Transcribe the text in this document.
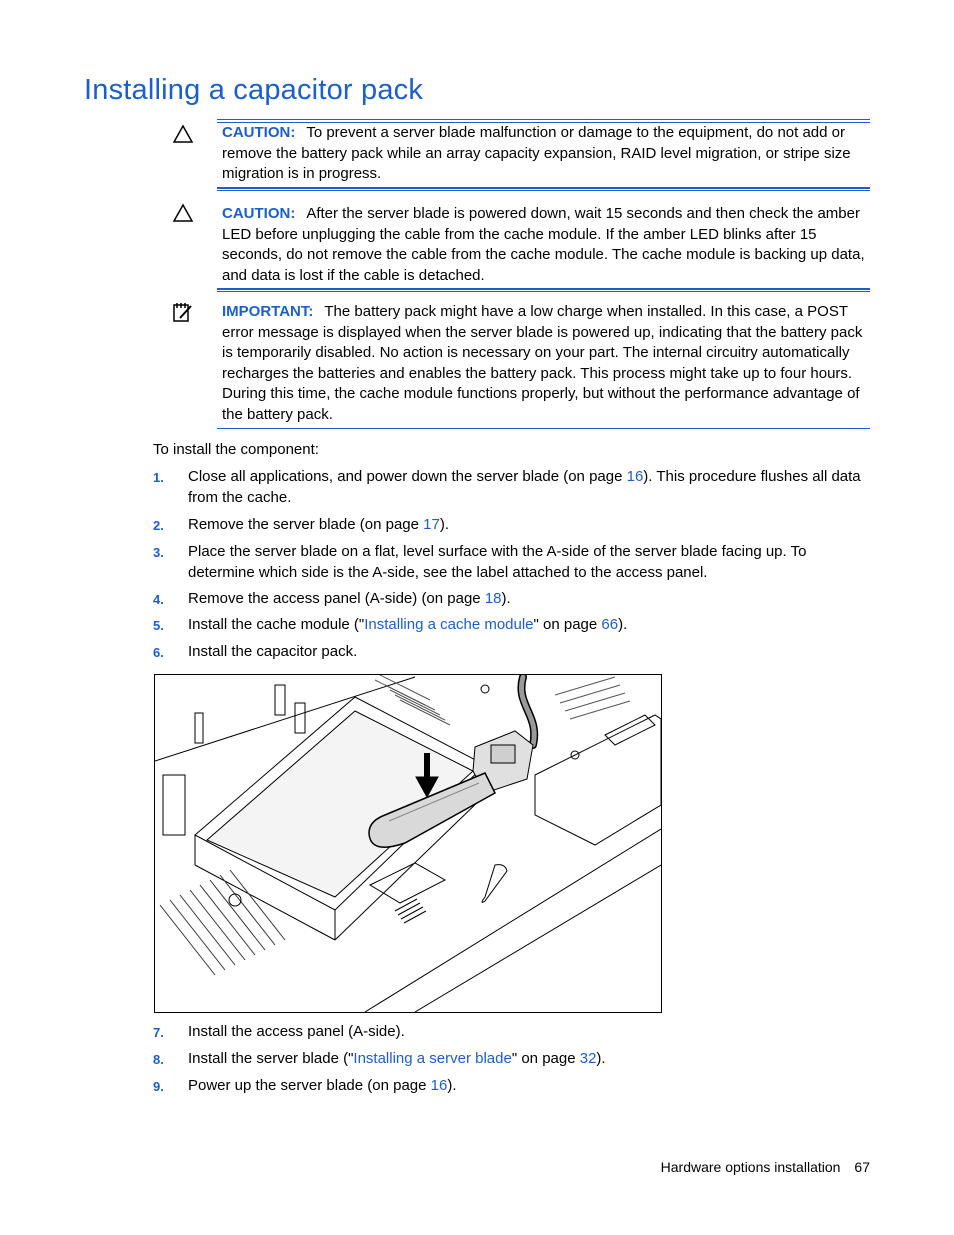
Installing a capacitor pack
CAUTION: To prevent a server blade malfunction or damage to the equipment, do not add or remove the battery pack while an array capacity expansion, RAID level migration, or stripe size migration is in progress.
CAUTION: After the server blade is powered down, wait 15 seconds and then check the amber LED before unplugging the cable from the cache module. If the amber LED blinks after 15 seconds, do not remove the cable from the cache module. The cache module is backing up data, and data is lost if the cable is detached.
IMPORTANT: The battery pack might have a low charge when installed. In this case, a POST error message is displayed when the server blade is powered up, indicating that the battery pack is temporarily disabled. No action is necessary on your part. The internal circuitry automatically recharges the batteries and enables the battery pack. This process might take up to four hours. During this time, the cache module functions properly, but without the performance advantage of the battery pack.
To install the component:
1. Close all applications, and power down the server blade (on page 16). This procedure flushes all data from the cache.
2. Remove the server blade (on page 17).
3. Place the server blade on a flat, level surface with the A-side of the server blade facing up. To determine which side is the A-side, see the label attached to the access panel.
4. Remove the access panel (A-side) (on page 18).
5. Install the cache module ("Installing a cache module" on page 66).
6. Install the capacitor pack.
7. Install the access panel (A-side).
8. Install the server blade ("Installing a server blade" on page 32).
9. Power up the server blade (on page 16).
Hardware options installation 67
